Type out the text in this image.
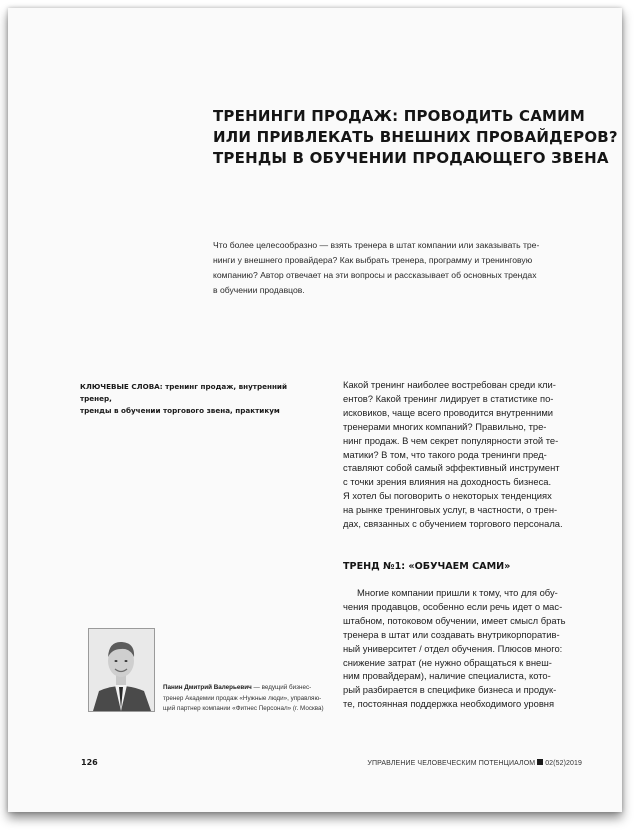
ТРЕНИНГИ ПРОДАЖ: ПРОВОДИТЬ САМИМ
ИЛИ ПРИВЛЕКАТЬ ВНЕШНИХ ПРОВАЙДЕРОВ?
ТРЕНДЫ В ОБУЧЕНИИ ПРОДАЮЩЕГО ЗВЕНА
Что более целесообразно — взять тренера в штат компании или заказывать тре-
нинги у внешнего провайдера? Как выбрать тренера, программу и тренинговую
компанию? Автор отвечает на эти вопросы и рассказывает об основных трендах
в обучении продавцов.
КЛЮЧЕВЫЕ СЛОВА: тренинг продаж, внутренний тренер,
тренды в обучении торгового звена, практикум
Какой тренинг наиболее востребован среди кли-
ентов? Какой тренинг лидирует в статистике по-
исковиков, чаще всего проводится внутренними
тренерами многих компаний? Правильно, тре-
нинг продаж. В чем секрет популярности этой те-
матики? В том, что такого рода тренинги пред-
ставляют собой самый эффективный инструмент
с точки зрения влияния на доходность бизнеса.
Я хотел бы поговорить о некоторых тенденциях
на рынке тренинговых услуг, в частности, о трен-
дах, связанных с обучением торгового персонала.
ТРЕНД №1: «ОБУЧАЕМ САМИ»
Многие компании пришли к тому, что для обу-
чения продавцов, особенно если речь идет о мас-
штабном, потоковом обучении, имеет смысл брать
тренера в штат или создавать внутрикорпоратив-
ный университет / отдел обучения. Плюсов много:
снижение затрат (не нужно обращаться к внеш-
ним провайдерам), наличие специалиста, кото-
рый разбирается в специфике бизнеса и продук-
те, постоянная поддержка необходимого уровня
Панин Дмитрий Валерьевич — ведущий бизнес-
тренер Академии продаж «Нужные люди», управляю-
щий партнер компании «Фитнес Персонал» (г. Москва)
126	УПРАВЛЕНИЕ ЧЕЛОВЕЧЕСКИМ ПОТЕНЦИАЛОМ 02(52)2019
